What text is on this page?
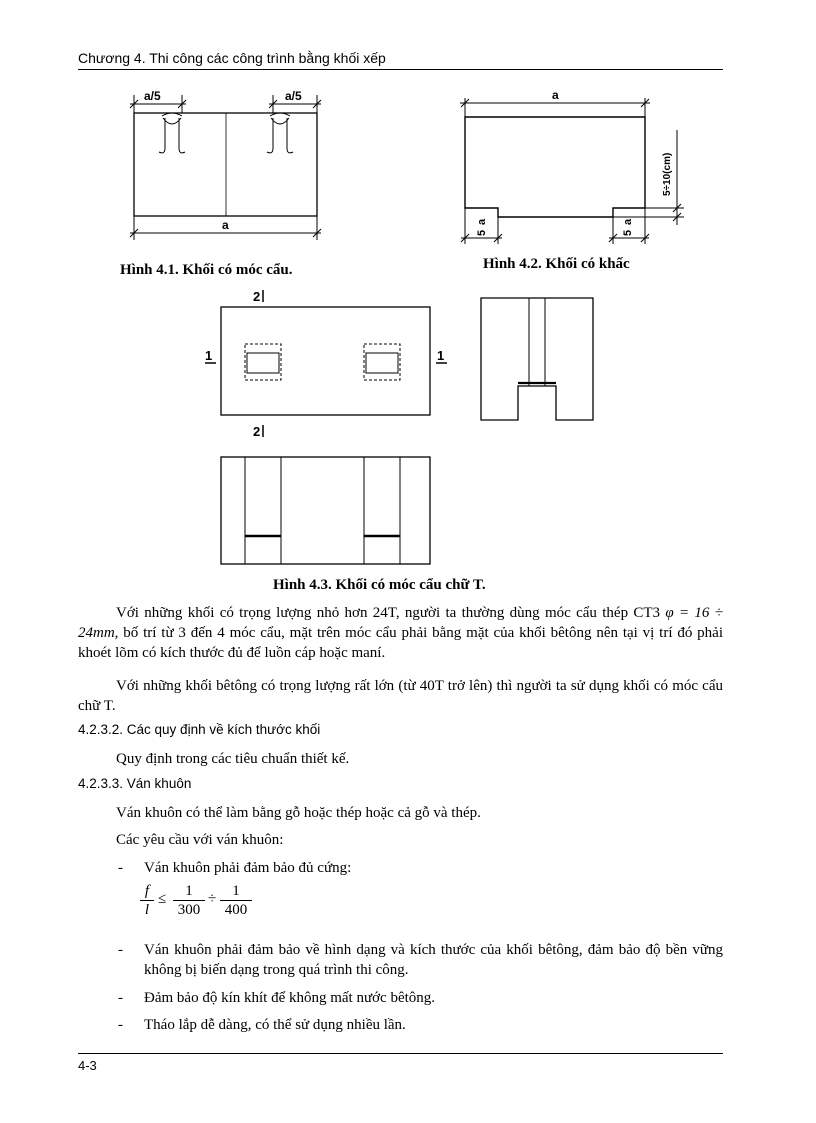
Chương 4. Thi công các công trình bằng khối xếp
a/5	a/5
a
a
5÷10(cm)
a
5
a
5
2
2
1	1
Hình 4.1. Khối có móc cẩu.	Hình 4.2. Khối có khấc
Hình 4.3. Khối có móc cẩu chữ T.

Với những khối có trọng lượng nhỏ hơn 24T, người ta thường dùng móc cẩu thép CT3 φ = 16 ÷ 24mm, bố trí từ 3 đến 4 móc cẩu, mặt trên móc cẩu phải bằng mặt của khối bêtông nên tại vị trí đó phải khoét lõm có kích thước đủ để luồn cáp hoặc maní.

Với những khối bêtông có trọng lượng rất lớn (từ 40T trở lên) thì người ta sử dụng khối có móc cẩu chữ T.

4.2.3.2. Các quy định về kích thước khối

Quy định trong các tiêu chuẩn thiết kế.

4.2.3.3. Ván khuôn

Ván khuôn có thể làm bằng gỗ hoặc thép hoặc cả gỗ và thép.

Các yêu cầu với ván khuôn:

- Ván khuôn phải đảm bảo đủ cứng:
f
l
≤	1
300
÷	1
400
- Ván khuôn phải đảm bảo về hình dạng và kích thước của khối bêtông, đảm bảo độ bền vững không bị biến dạng trong quá trình thi công.
- Đảm bảo độ kín khít để không mất nước bêtông.
- Tháo lắp dễ dàng, có thể sử dụng nhiều lần.
4-3
